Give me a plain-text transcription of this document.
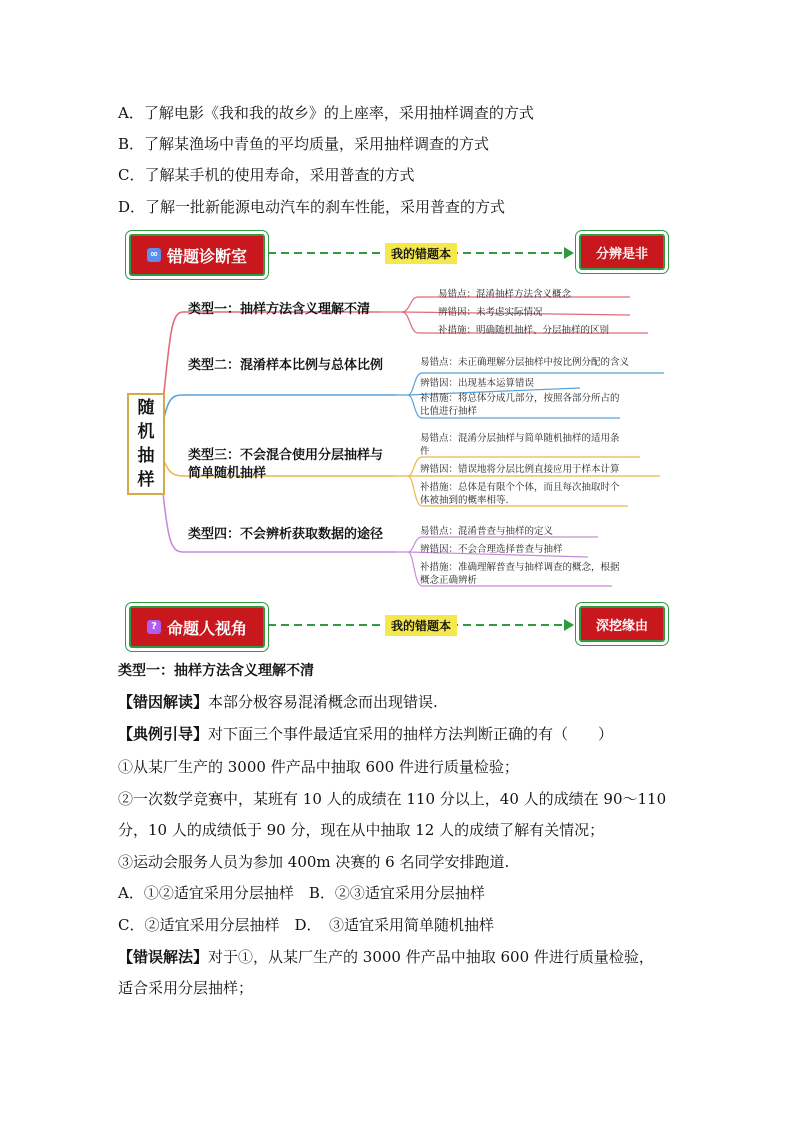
A．了解电影《我和我的故乡》的上座率，采用抽样调查的方式
B．了解某渔场中青鱼的平均质量，采用抽样调查的方式
C．了解某手机的使用寿命，采用普查的方式
D．了解一批新能源电动汽车的刹车性能，采用普查的方式
∞ 错题诊断室	我的错题本	分辨是非
随
机
抽
样
类型一：抽样方法含义理解不清
易错点：混淆抽样方法含义概念
辨错因：未考虑实际情况
补措施：明确随机抽样、分层抽样的区别
类型二：混淆样本比例与总体比例	易错点：未正确理解分层抽样中按比例分配的含义
辨错因：出现基本运算错误
补措施：将总体分成几部分，按照各部分所占的比值进行抽样
类型三：不会混合使用分层抽样与简单随机抽样
易错点：混淆分层抽样与简单随机抽样的适用条件
辨错因：错误地将分层比例直接应用于样本计算
补措施：总体是有限个个体，而且每次抽取时个体被抽到的概率相等.
类型四：不会辨析获取数据的途径	易错点：混淆普查与抽样的定义
辨错因：不会合理选择普查与抽样
补措施：准确理解普查与抽样调查的概念，根据概念正确辨析
? 命题人视角	我的错题本	深挖缘由
类型一：抽样方法含义理解不清
【错因解读】本部分极容易混淆概念而出现错误.
【典例引导】对下面三个事件最适宜采用的抽样方法判断正确的有（　　）
①从某厂生产的 3000 件产品中抽取 600 件进行质量检验；
②一次数学竞赛中，某班有 10 人的成绩在 110 分以上，40 人的成绩在 90～110
分，10 人的成绩低于 90 分，现在从中抽取 12 人的成绩了解有关情况；
③运动会服务人员为参加 400m 决赛的 6 名同学安排跑道.
A．①②适宜采用分层抽样　B．②③适宜采用分层抽样
C．②适宜采用分层抽样　D．　③适宜采用简单随机抽样
【错误解法】对于①，从某厂生产的 3000 件产品中抽取 600 件进行质量检验，
适合采用分层抽样；
